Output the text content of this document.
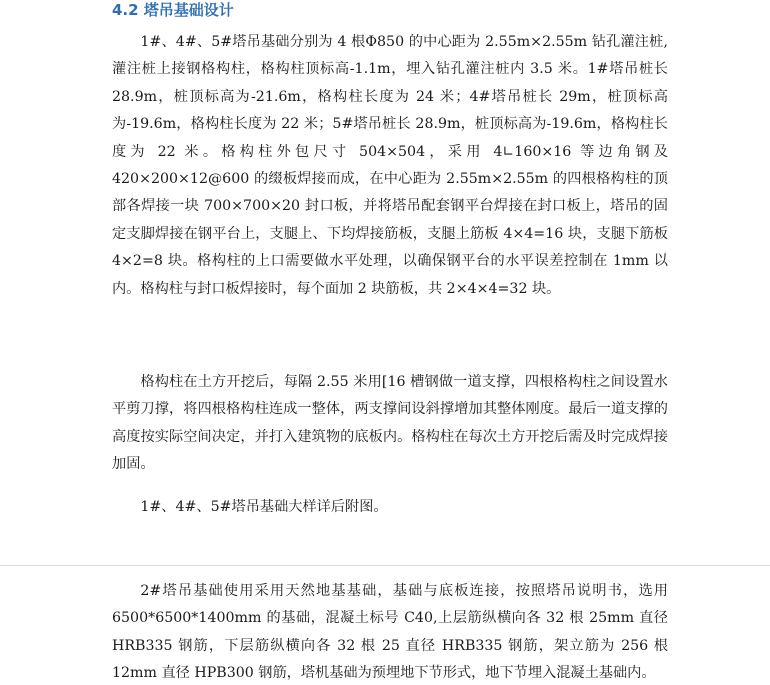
4.2 塔吊基础设计

1#、4#、5#塔吊基础分别为 4 根Φ850 的中心距为 2.55m×2.55m 钻孔灌注桩,灌注桩上接钢格构柱，格构柱顶标高-1.1m，埋入钻孔灌注桩内 3.5 米。1#塔吊桩长 28.9m，桩顶标高为-21.6m，格构柱长度为 24 米；4#塔吊桩长 29m，桩顶标高为-19.6m，格构柱长度为 22 米；5#塔吊桩长 28.9m，桩顶标高为-19.6m，格构柱长度为 22 米。格构柱外包尺寸 504×504，采用 4∟160×16 等边角钢及 420×200×12@600 的缀板焊接而成，在中心距为 2.55m×2.55m 的四根格构柱的顶部各焊接一块 700×700×20 封口板，并将塔吊配套钢平台焊接在封口板上，塔吊的固定支脚焊接在钢平台上，支腿上、下均焊接筋板，支腿上筋板 4×4=16 块，支腿下筋板 4×2=8 块。格构柱的上口需要做水平处理，以确保钢平台的水平误差控制在 1mm 以内。格构柱与封口板焊接时，每个面加 2 块筋板，共 2×4×4=32 块。

格构柱在土方开挖后，每隔 2.55 米用[16 槽钢做一道支撑，四根格构柱之间设置水平剪刀撑，将四根格构柱连成一整体，两支撑间设斜撑增加其整体刚度。最后一道支撑的高度按实际空间决定，并打入建筑物的底板内。格构柱在每次土方开挖后需及时完成焊接加固。

1#、4#、5#塔吊基础大样详后附图。

2#塔吊基础使用采用天然地基基础，基础与底板连接，按照塔吊说明书，选用 6500*6500*1400mm 的基础，混凝土标号 C40,上层筋纵横向各 32 根 25mm 直径 HRB335 钢筋，下层筋纵横向各 32 根 25 直径 HRB335 钢筋，架立筋为 256 根 12mm 直径 HPB300 钢筋，塔机基础为预埋地下节形式，地下节埋入混凝土基础内。
